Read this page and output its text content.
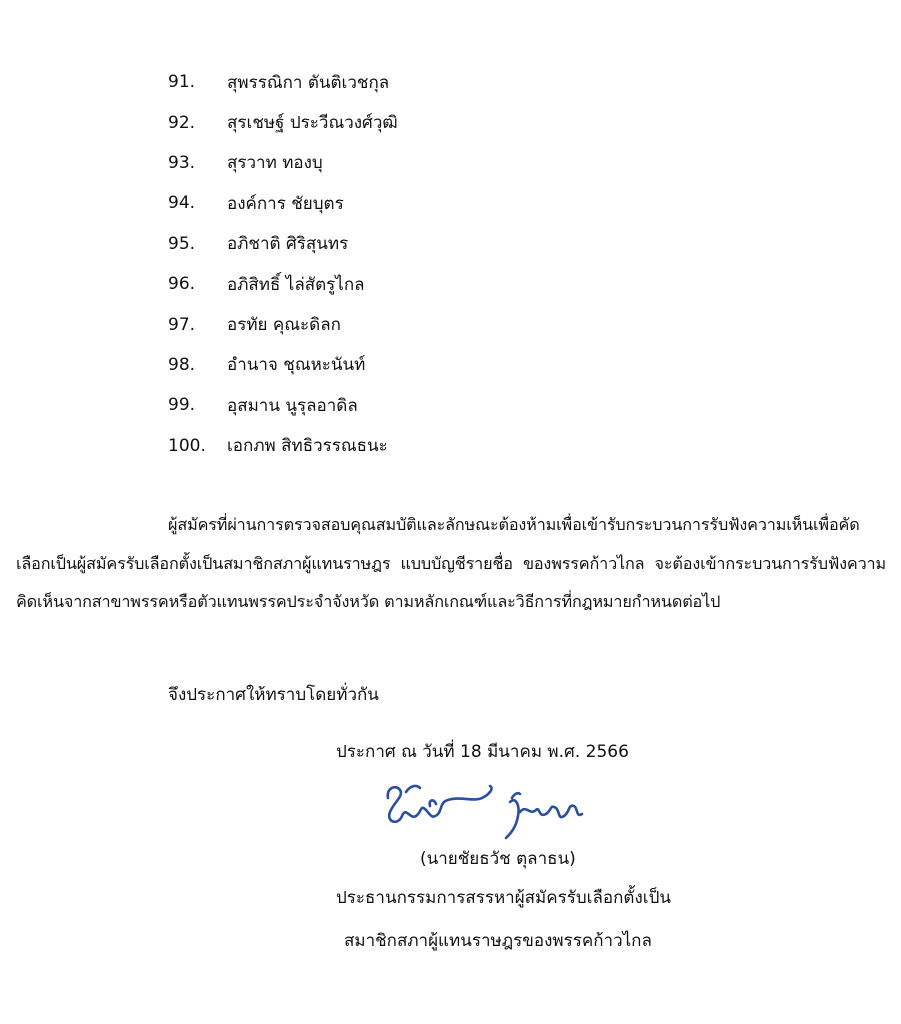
91.	สุพรรณิกา ตันติเวชกุล
92.	สุรเชษฐ์ ประวีณวงศ์วุฒิ
93.	สุรวาท ทองบุ
94.	องค์การ ชัยบุตร
95.	อภิชาติ ศิริสุนทร
96.	อภิสิทธิ์ ไล่สัตรูไกล
97.	อรทัย คุณะดิลก
98.	อำนาจ ชุณหะนันท์
99.	อุสมาน นูรุลอาดิล
100.	เอกภพ สิทธิวรรณธนะ

ผู้สมัครที่ผ่านการตรวจสอบคุณสมบัติและลักษณะต้องห้ามเพื่อเข้ารับกระบวนการรับฟังความเห็นเพื่อคัดเลือกเป็นผู้สมัครรับเลือกตั้งเป็นสมาชิกสภาผู้แทนราษฎร แบบบัญชีรายชื่อ ของพรรคก้าวไกล จะต้องเข้ากระบวนการรับฟังความคิดเห็นจากสาขาพรรคหรือตัวแทนพรรคประจำจังหวัด ตามหลักเกณฑ์และวิธีการที่กฎหมายกำหนดต่อไป

จึงประกาศให้ทราบโดยทั่วกัน
ประกาศ ณ วันที่ 18 มีนาคม พ.ศ. 2566
(นายชัยธวัช ตุลาธน)
ประธานกรรมการสรรหาผู้สมัครรับเลือกตั้งเป็น
สมาชิกสภาผู้แทนราษฎรของพรรคก้าวไกล
